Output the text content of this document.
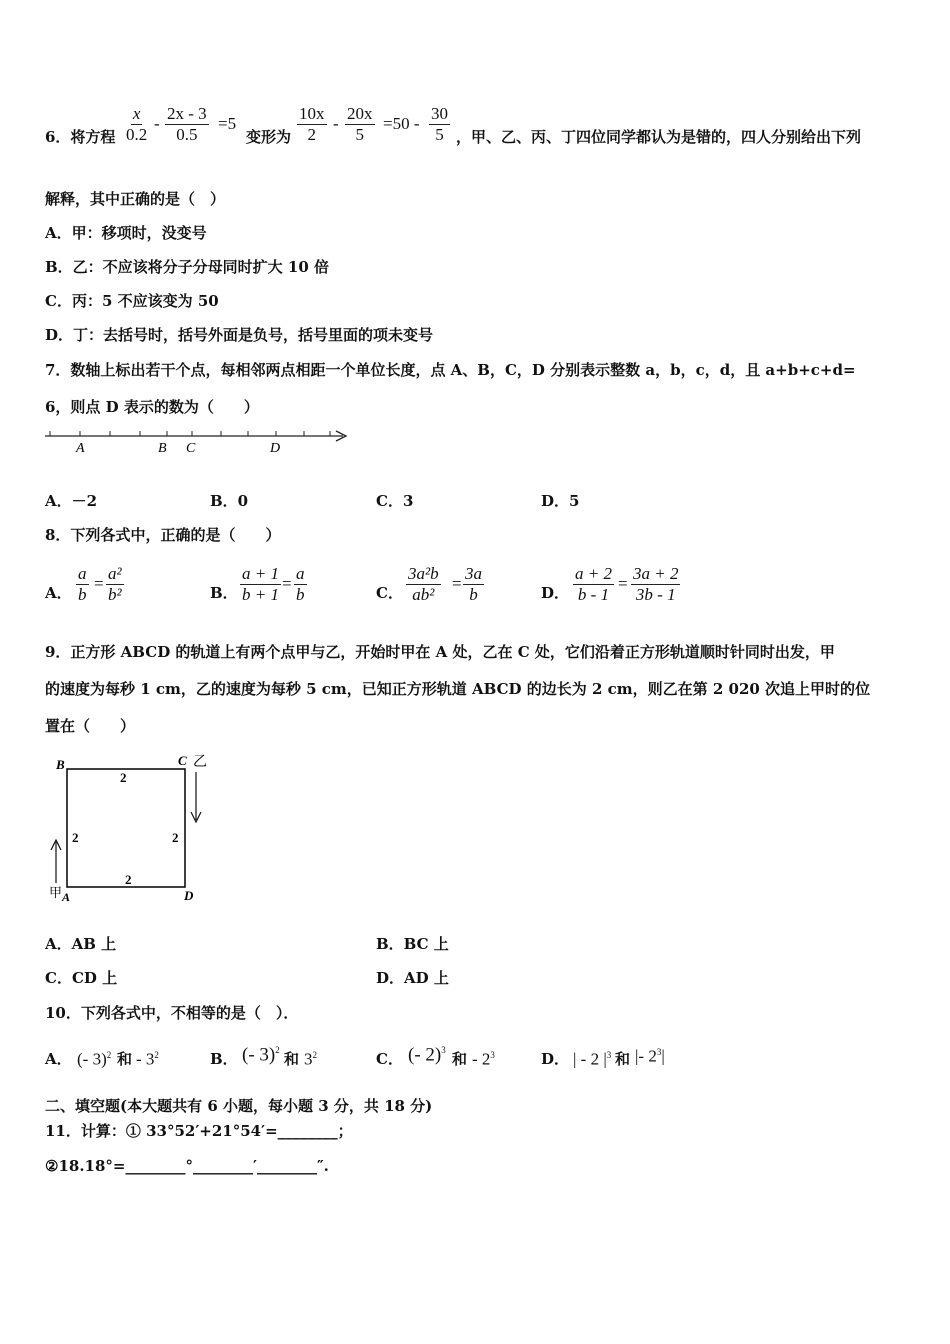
6．将方程 $\frac{x}{0.2} - \frac{2x - 3}{0.5} =5$
变形为 $\frac{10x}{2} - \frac{20x}{5} =50 - \frac{30}{5}$ ，甲、乙、丙、丁四位同学都认为是错的，四人分别给出下列
解释，其中正确的是（　）
A．甲：移项时，没变号
B．乙：不应该将分子分母同时扩大 10 倍
C．丙：5 不应该变为 50
D．丁：去括号时，括号外面是负号，括号里面的项未变号
7．数轴上标出若干个点，每相邻两点相距一个单位长度，点 A、B，C，D 分别表示整数 a，b，c，d，且 a+b+c+d=
6，则点 D 表示的数为（　　）
A	B C	D
A．－2	B．0	C．3	D．5
8．下列各式中，正确的是（　　）
A． $\frac{a}{b} = \frac{\text{a²}}{\text{b²}}$	B． $\frac{a + 1}{b + 1} = \frac{a}{b}$	C． $\frac{\text{3a²b}}{\text{ab²}} = \frac{3a}{b}$	D． $\frac{a + 2}{b - 1} = \frac{3a + 2}{3b - 1}$
9．正方形 ABCD 的轨道上有两个点甲与乙，开始时甲在 A 处，乙在 C 处，它们沿着正方形轨道顺时针同时出发，甲
的速度为每秒 1 cm，乙的速度为每秒 5 cm，已知正方形轨道 ABCD 的边长为 2 cm，则乙在第 2 020 次追上甲时的位
置在（　　）
B	C 乙
2
2	2
2
甲 A	D
A．AB 上	B．BC 上
C．CD 上	D．AD 上
10．下列各式中，不相等的是（　）．
A． (- 3)$^2$ 和 - $3^2$	B． (- 3)$^2$ 和 $3^2$	C． (- 2)$^3$ 和 - $2^3$	D． | - 2 $|^3$ 和 |- $2^3|$
二、填空题(本大题共有 6 小题，每小题 3 分，共 18 分)
11．计算：① 33°52′+21°54′=________；
②18.18°=________°________′________″.
